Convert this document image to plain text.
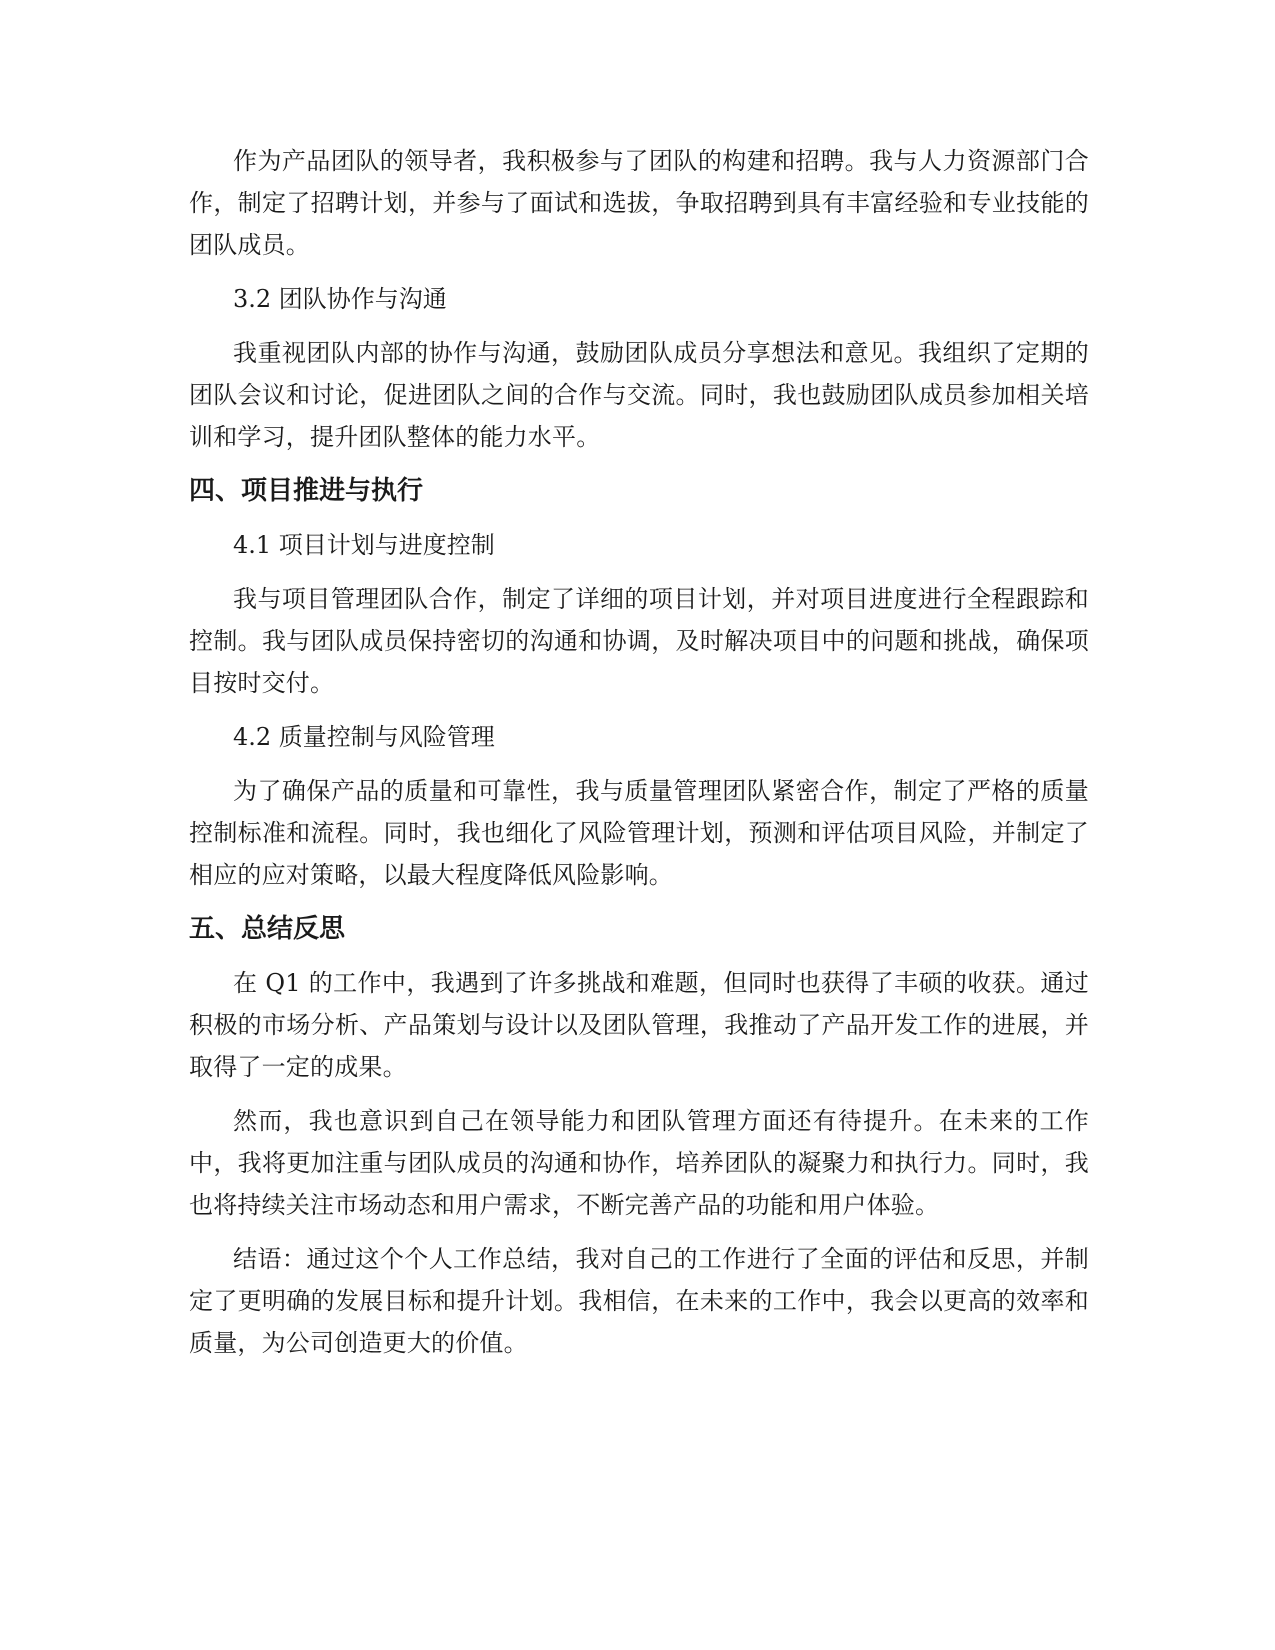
作为产品团队的领导者，我积极参与了团队的构建和招聘。我与人力资源部门合作，制定了招聘计划，并参与了面试和选拔，争取招聘到具有丰富经验和专业技能的团队成员。

3.2 团队协作与沟通

我重视团队内部的协作与沟通，鼓励团队成员分享想法和意见。我组织了定期的团队会议和讨论，促进团队之间的合作与交流。同时，我也鼓励团队成员参加相关培训和学习，提升团队整体的能力水平。

四、项目推进与执行

4.1 项目计划与进度控制

我与项目管理团队合作，制定了详细的项目计划，并对项目进度进行全程跟踪和控制。我与团队成员保持密切的沟通和协调，及时解决项目中的问题和挑战，确保项目按时交付。

4.2 质量控制与风险管理

为了确保产品的质量和可靠性，我与质量管理团队紧密合作，制定了严格的质量控制标准和流程。同时，我也细化了风险管理计划，预测和评估项目风险，并制定了相应的应对策略，以最大程度降低风险影响。

五、总结反思

在 Q1 的工作中，我遇到了许多挑战和难题，但同时也获得了丰硕的收获。通过积极的市场分析、产品策划与设计以及团队管理，我推动了产品开发工作的进展，并取得了一定的成果。

然而，我也意识到自己在领导能力和团队管理方面还有待提升。在未来的工作中，我将更加注重与团队成员的沟通和协作，培养团队的凝聚力和执行力。同时，我也将持续关注市场动态和用户需求，不断完善产品的功能和用户体验。

结语：通过这个个人工作总结，我对自己的工作进行了全面的评估和反思，并制定了更明确的发展目标和提升计划。我相信，在未来的工作中，我会以更高的效率和质量，为公司创造更大的价值。
